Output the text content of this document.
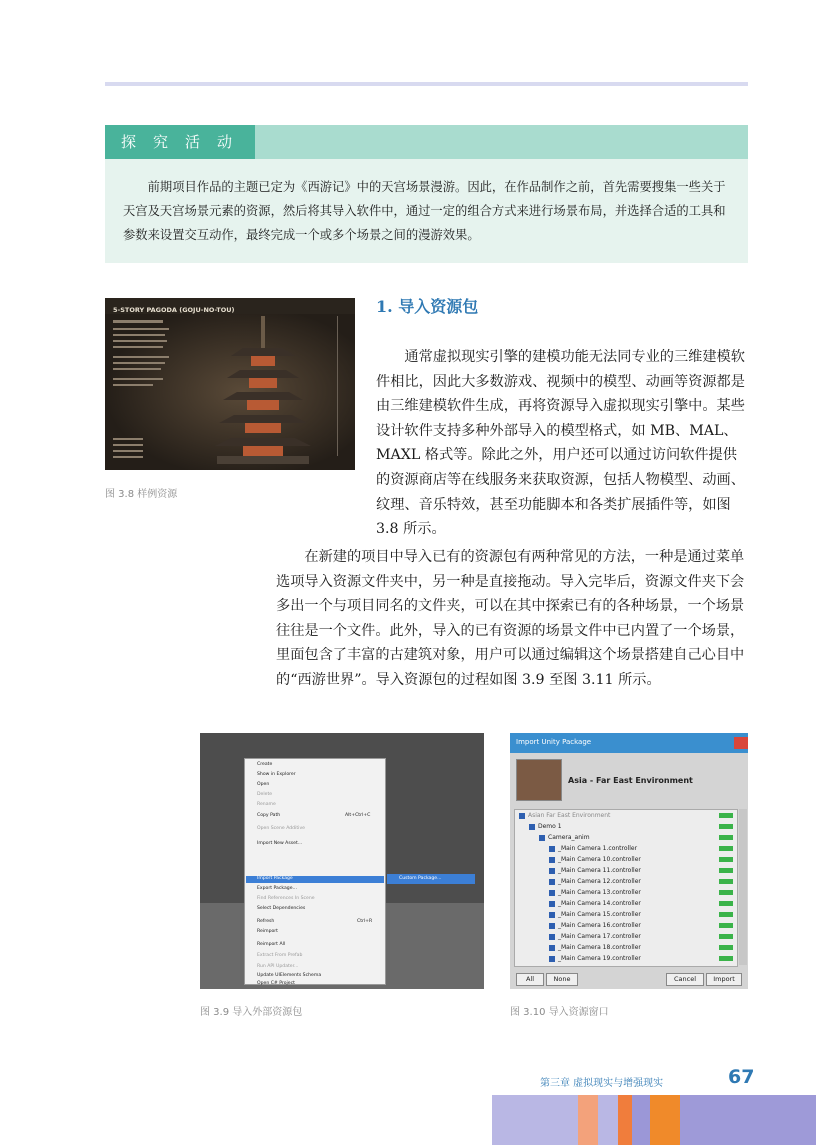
探究活动

前期项目作品的主题已定为《西游记》中的天宫场景漫游。因此，在作品制作之前，首先需要搜集一些关于天宫及天宫场景元素的资源，然后将其导入软件中，通过一定的组合方式来进行场景布局，并选择合适的工具和参数来设置交互动作，最终完成一个或多个场景之间的漫游效果。

5-STORY PAGODA (GOJU-NO-TOU)
图 3.8 样例资源
1. 导入资源包

通常虚拟现实引擎的建模功能无法同专业的三维建模软件相比，因此大多数游戏、视频中的模型、动画等资源都是由三维建模软件生成，再将资源导入虚拟现实引擎中。某些设计软件支持多种外部导入的模型格式，如 MB、MAL、MAXL 格式等。除此之外，用户还可以通过访问软件提供的资源商店等在线服务来获取资源，包括人物模型、动画、纹理、音乐特效，甚至功能脚本和各类扩展插件等，如图 3.8 所示。

在新建的项目中导入已有的资源包有两种常见的方法，一种是通过菜单选项导入资源文件夹中，另一种是直接拖动。导入完毕后，资源文件夹下会多出一个与项目同名的文件夹，可以在其中探索已有的各种场景，一个场景往往是一个文件。此外，导入的已有资源的场景文件中已内置了一个场景，里面包含了丰富的古建筑对象，用户可以通过编辑这个场景搭建自己心目中的“西游世界”。导入资源包的过程如图 3.9 至图 3.11 所示。

Create
Show in Explorer
Open
Delete
Rename
Copy Path	Alt+Ctrl+C
Open Scene Additive
Import New Asset...
Import Package
Export Package...
Find References In Scene
Select Dependencies
Refresh	Ctrl+R
Reimport
Reimport All
Extract From Prefab
Run API Updater...
Update UIElements Schema
Open C# Project
Custom Package...
图 3.9 导入外部资源包
Import Unity Package
Asia - Far East Environment
Asian Far East Environment
Demo 1
Camera_anim
_Main Camera 1.controller
_Main Camera 10.controller
_Main Camera 11.controller
_Main Camera 12.controller
_Main Camera 13.controller
_Main Camera 14.controller
_Main Camera 15.controller
_Main Camera 16.controller
_Main Camera 17.controller
_Main Camera 18.controller
_Main Camera 19.controller
All	None	Cancel	Import
图 3.10 导入资源窗口
第三章 虚拟现实与增强现实	67
